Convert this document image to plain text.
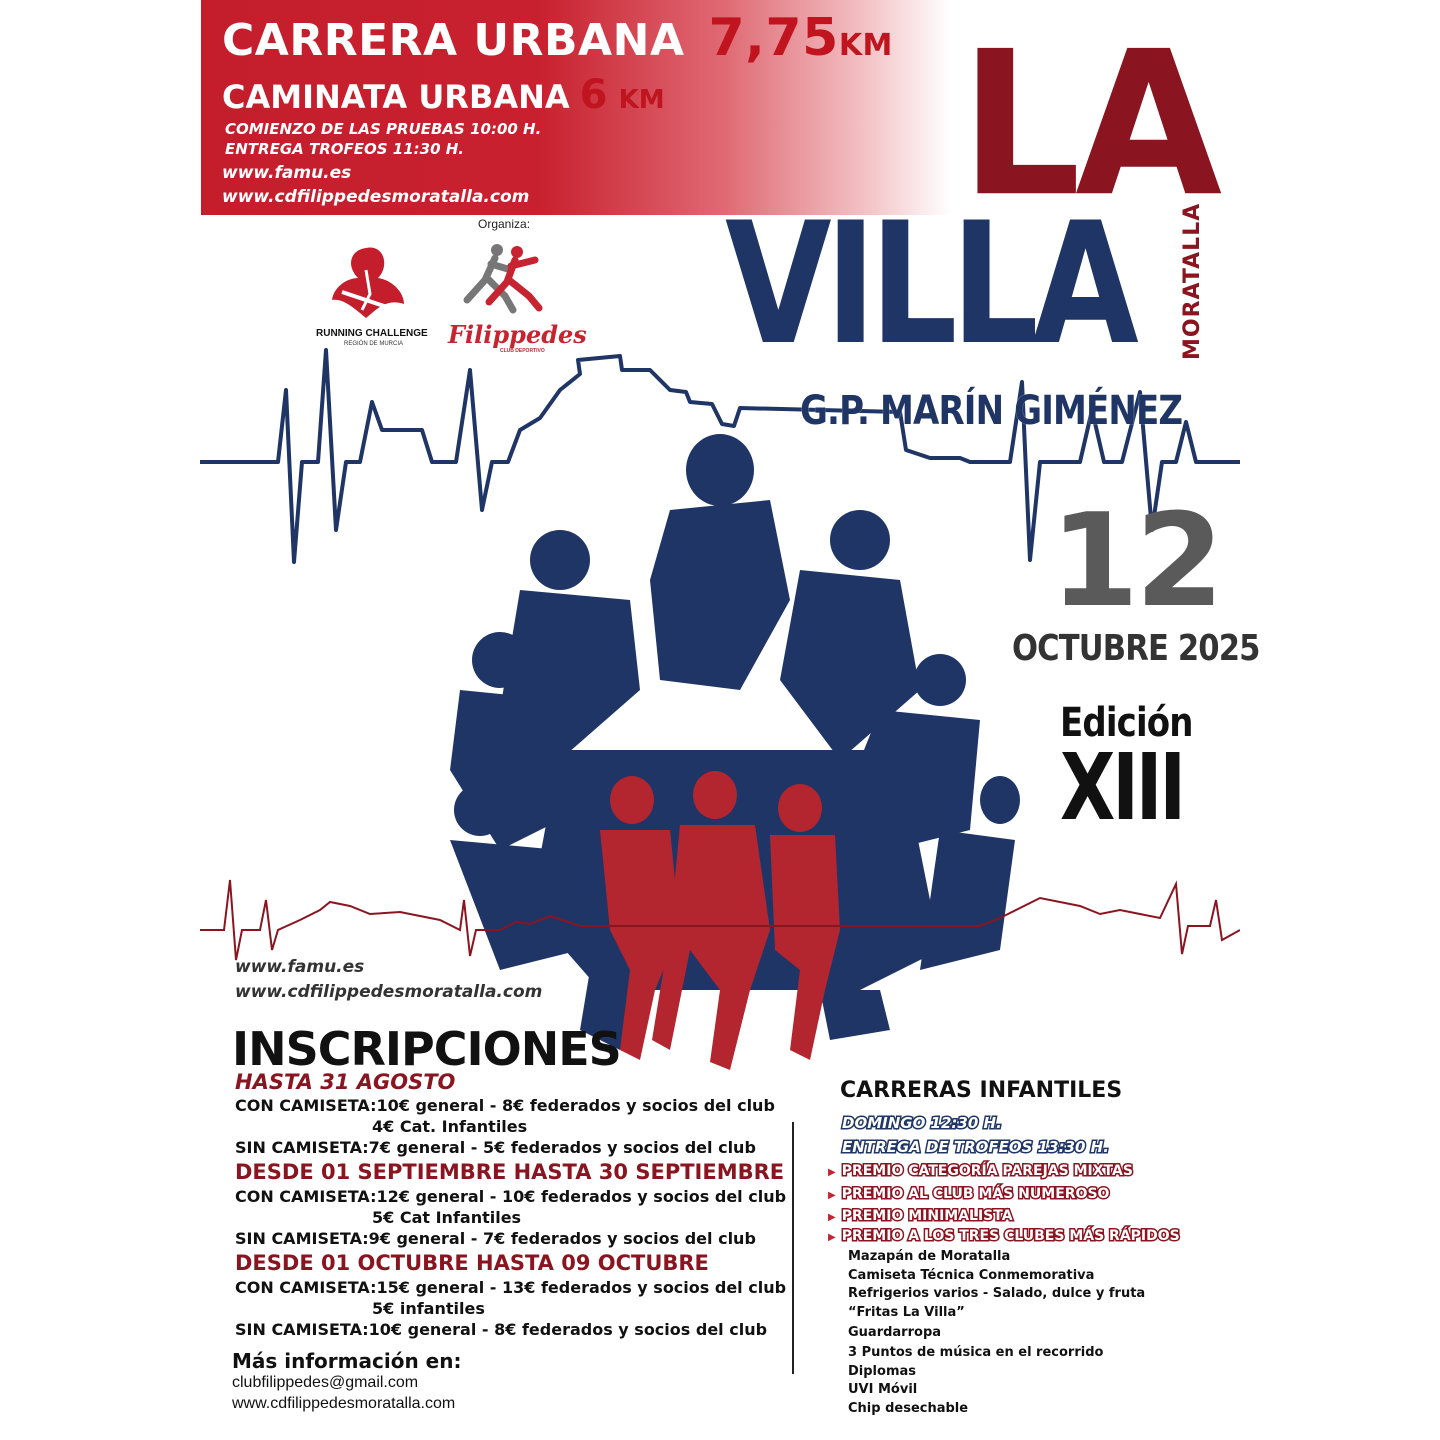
CARRERA URBANA 7,75KM
CAMINATA URBANA 6 KM
COMIENZO DE LAS PRUEBAS 10:00 H.
ENTREGA TROFEOS 11:30 H.
www.famu.es
www.cdfilippedesmoratalla.com
Organiza:
RUNNING CHALLENGE
REGIÓN DE MURCIA Filippedes
CLUB DEPORTIVO
LA
VILLA MORATALLA
G.P. MARÍN GIMÉNEZ
12
OCTUBRE 2025
Edición
XIII
www.famu.es
www.cdfilippedesmoratalla.com
INSCRIPCIONES
HASTA 31 AGOSTO
CON CAMISETA:10€ general - 8€ federados y socios del club
4€ Cat. Infantiles
SIN CAMISETA:7€ general - 5€ federados y socios del club
DESDE 01 SEPTIEMBRE HASTA 30 SEPTIEMBRE
CON CAMISETA:12€ general - 10€ federados y socios del club
5€ Cat Infantiles
SIN CAMISETA:9€ general - 7€ federados y socios del club
DESDE 01 OCTUBRE HASTA 09 OCTUBRE
CON CAMISETA:15€ general - 13€ federados y socios del club
5€ infantiles
SIN CAMISETA:10€ general - 8€ federados y socios del club
Más información en:
clubfilippedes@gmail.com
www.cdfilippedesmoratalla.com
CARRERAS INFANTILES
DOMINGO 12:30 H.
ENTREGA DE TROFEOS 13:30 H.
▶ PREMIO CATEGORÍA PAREJAS MIXTAS
▶ PREMIO AL CLUB MÁS NUMEROSO
▶ PREMIO MINIMALISTA
▶ PREMIO A LOS TRES CLUBES MÁS RÁPIDOS
Mazapán de Moratalla
Camiseta Técnica Conmemorativa
Refrigerios varios - Salado, dulce y fruta
“Fritas La Villa”
Guardarropa
3 Puntos de música en el recorrido
Diplomas
UVI Móvil
Chip desechable
